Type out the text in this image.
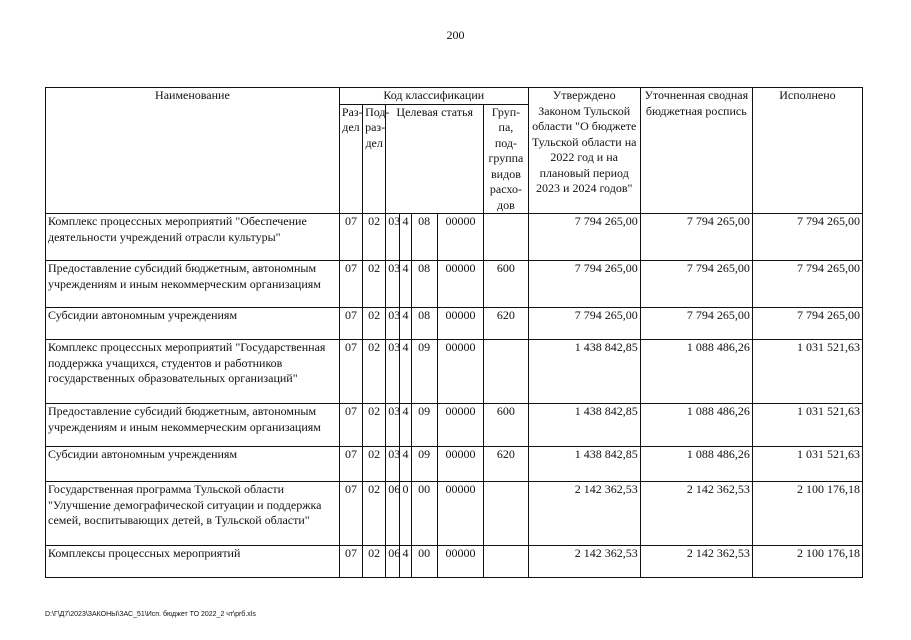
200
Наименование	Код классификации							Утверждено Законом Тульской области "О бюджете Тульской области на 2022 год и на плановый период 2023 и 2024 годов"	Уточненная сводная бюджетная роспись	Исполнено
	Раз-дел	Под-раз-дел	Целевая статья				Груп-па, под-группа видов расхо-дов			
Комплекс процессных мероприятий "Обеспечение деятельности учреждений отрасли культуры"	07	02	03	4	08	00000		7 794 265,00	7 794 265,00	7 794 265,00
Предоставление субсидий бюджетным, автономным учреждениям и иным некоммерческим организациям	07	02	03	4	08	00000	600	7 794 265,00	7 794 265,00	7 794 265,00
Субсидии автономным учреждениям	07	02	03	4	08	00000	620	7 794 265,00	7 794 265,00	7 794 265,00
Комплекс процессных мероприятий "Государственная поддержка учащихся, студентов и работников государственных образовательных организаций"	07	02	03	4	09	00000		1 438 842,85	1 088 486,26	1 031 521,63
Предоставление субсидий бюджетным, автономным учреждениям и иным некоммерческим организациям	07	02	03	4	09	00000	600	1 438 842,85	1 088 486,26	1 031 521,63
Субсидии автономным учреждениям	07	02	03	4	09	00000	620	1 438 842,85	1 088 486,26	1 031 521,63
Государственная программа Тульской области "Улучшение демографической ситуации и поддержка семей, воспитывающих детей, в Тульской области"	07	02	06	0	00	00000		2 142 362,53	2 142 362,53	2 100 176,18
Комплексы процессных мероприятий	07	02	06	4	00	00000		2 142 362,53	2 142 362,53	2 100 176,18
D:\Г\Д7\2023\ЗАКОНЫ\ЗАС_51\Исп. бюджет ТО 2022_2 чт\рrб.xls
